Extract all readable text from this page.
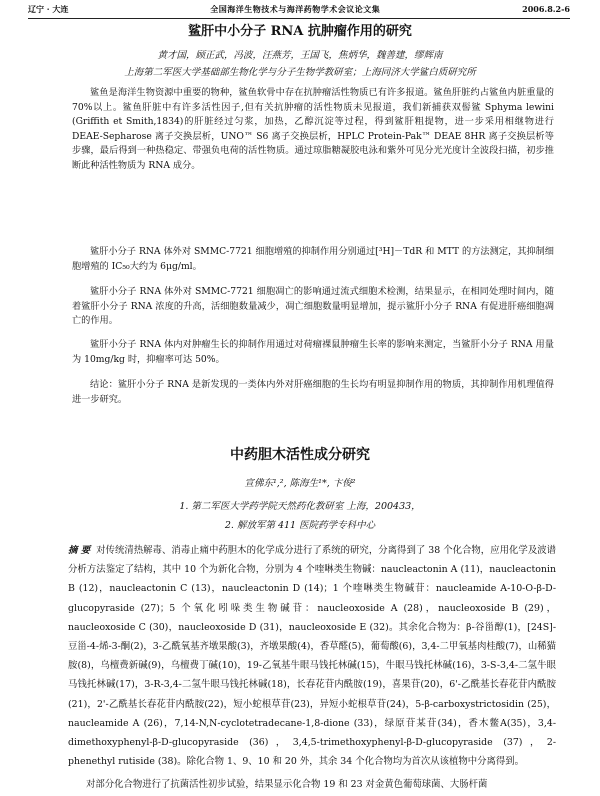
辽宁 · 大连	全国海洋生物技术与海洋药物学术会议论文集	2006.8.2-6
鲨肝中小分子 RNA 抗肿瘤作用的研究
黄才国，顾正武，冯波，汪燕芳，王国飞，焦炳华，魏善建，缪辉南
上海第二军医大学基础部生物化学与分子生物学教研室；上海同济大学鲨白质研究所

鲨鱼是海洋生物资源中重要的物种，鲨鱼软骨中存在抗肿瘤活性物质已有许多报道。鲨鱼肝脏约占鲨鱼内脏重量的 70%以上。鲨鱼肝脏中有许多活性因子,但有关抗肿瘤的活性物质未见报道，我们新捕获双髻鲨 Sphyma lewini (Griffith et Smith,1834)的肝脏经过匀浆，加热，乙醇沉淀等过程，得到鲨肝粗提物，进一步采用相继物进行 DEAE-Sepharose 离子交换层析，UNO™ S6 离子交换层析，HPLC Protein-Pak™ DEAE 8HR 离子交换层析等步骤，最后得到一种热稳定、带强负电荷的活性物质。通过琼脂糖凝胶电泳和紫外可见分光光度计全波段扫描，初步推断此种活性物质为 RNA 成分。

鲨肝小分子 RNA 体外对 SMMC-7721 细胞增殖的抑制作用分别通过[³H]－TdR 和 MTT 的方法测定，其抑制细胞增殖的 IC₅₀大约为 6μg/ml。

鲨肝小分子 RNA 体外对 SMMC-7721 细胞凋亡的影响通过流式细胞术检测，结果显示，在相同处理时间内，随着鲨肝小分子 RNA 浓度的升高，活细胞数量减少，凋亡细胞数量明显增加，提示鲨肝小分子 RNA 有促进肝癌细胞凋亡的作用。

鲨肝小分子 RNA 体内对肿瘤生长的抑制作用通过对荷瘤裸鼠肿瘤生长率的影响来测定，当鲨肝小分子 RNA 用量为 10mg/kg 时，抑瘤率可达 50%。

结论：鲨肝小分子 RNA 是新发现的一类体内外对肝癌细胞的生长均有明显抑制作用的物质，其抑制作用机理值得进一步研究。

中药胆木活性成分研究
宣佛东¹,², 陈海生¹*, 卞俊²
1. 第二军医大学药学院天然药化教研室 上海，200433，
2. 解放军第 411 医院药学专科中心

摘 要 对传统清热解毒、消毒止痛中药胆木的化学成分进行了系统的研究，分离得到了 38 个化合物，应用化学及波谱分析方法鉴定了结构，其中 10 个为新化合物，分别为 4 个喹啉类生物碱：naucleactonin A (11)，naucleactonin B (12)，naucleactonin C (13)，naucleactonin D (14)；1 个喹啉类生物碱苷：naucleamide A-10-O-β-D-glucopyraside (27)；5 个氧化吲哚类生物碱苷：naucleoxoside A (28)，naucleoxoside B (29)，naucleoxoside C (30)，naucleoxoside D (31)，naucleoxoside E (32)。其余化合物为：β-谷甾醇(1)，[24S]-豆甾-4-烯-3-酮(2)，3-乙酰氧基齐墩果酸(3)，齐墩果酸(4)，香草醛(5)，葡萄酸(6)，3,4-二甲氧基肉桂酸(7)，山稀猫胺(8)，乌檀费新碱(9)，乌檀费丁碱(10)，19-乙氧基牛眼马钱托林碱(15)，牛眼马钱托林碱(16)，3-S-3,4-二氢牛眼马钱托林碱(17)，3-R-3,4-二氢牛眼马钱托林碱(18)，长春花苷内酰胺(19)，喜果苷(20)，6'-乙酰基长春花苷内酰胺(21)，2'-乙酰基长春花苷内酰胺(22)，短小蛇根草苷(23)，异短小蛇根草苷(24)，5-β-carboxystrictosidin (25)，naucleamide A (26)，7,14-N,N-cyclotetradecane-1,8-dione (33)，绿原苷某苷(34)，香木鳖A(35)，3,4-dimethoxyphenyl-β-D-glucopyraside (36)，3,4,5-trimethoxyphenyl-β-D-glucopyraside (37)，2-phenethyl rutiside (38)。除化合物 1、9、10 和 20 外，其余 34 个化合物均为首次从该植物中分离得到。

对部分化合物进行了抗菌活性初步试验，结果显示化合物 19 和 23 对金黄色葡萄球菌、大肠杆菌
